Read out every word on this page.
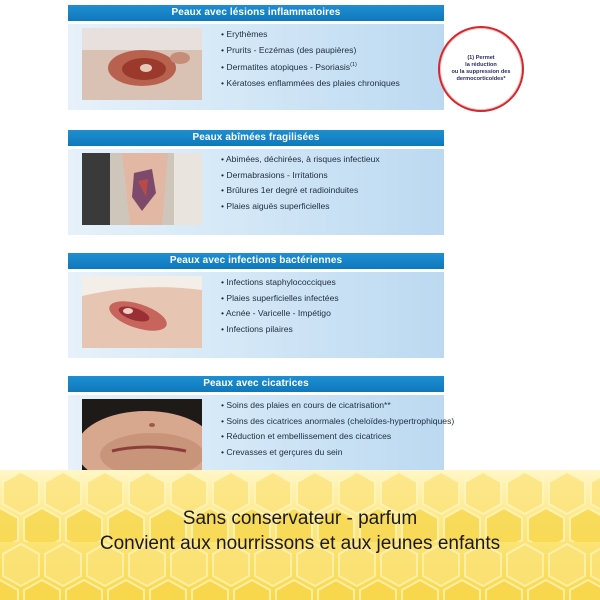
Peaux avec lésions inflammatoires
• Erythèmes
• Prurits - Eczémas (des paupières)
• Dermatites atopiques - Psoriasis$^{(1)}$
• Kératoses enflammées des plaies chroniques
(1) Permet
la réduction
ou la suppression des
dermocorticoïdes*
Peaux abîmées fragilisées
• Abimées, déchirées, à risques infectieux
• Dermabrasions - Irritations
• Brûlures 1er degré et radioinduites
• Plaies aiguës superficielles
Peaux avec infections bactériennes
• Infections staphylococciques
• Plaies superficielles infectées
• Acnée - Varicelle - Impétigo
• Infections pilaires
Peaux avec cicatrices
• Soins des plaies en cours de cicatrisation**
• Soins des cicatrices anormales (cheloïdes-hypertrophiques)
• Réduction et embellissement des cicatrices
• Crevasses et gerçures du sein
Sans conservateur - parfum
Convient aux nourrissons et aux jeunes enfants
